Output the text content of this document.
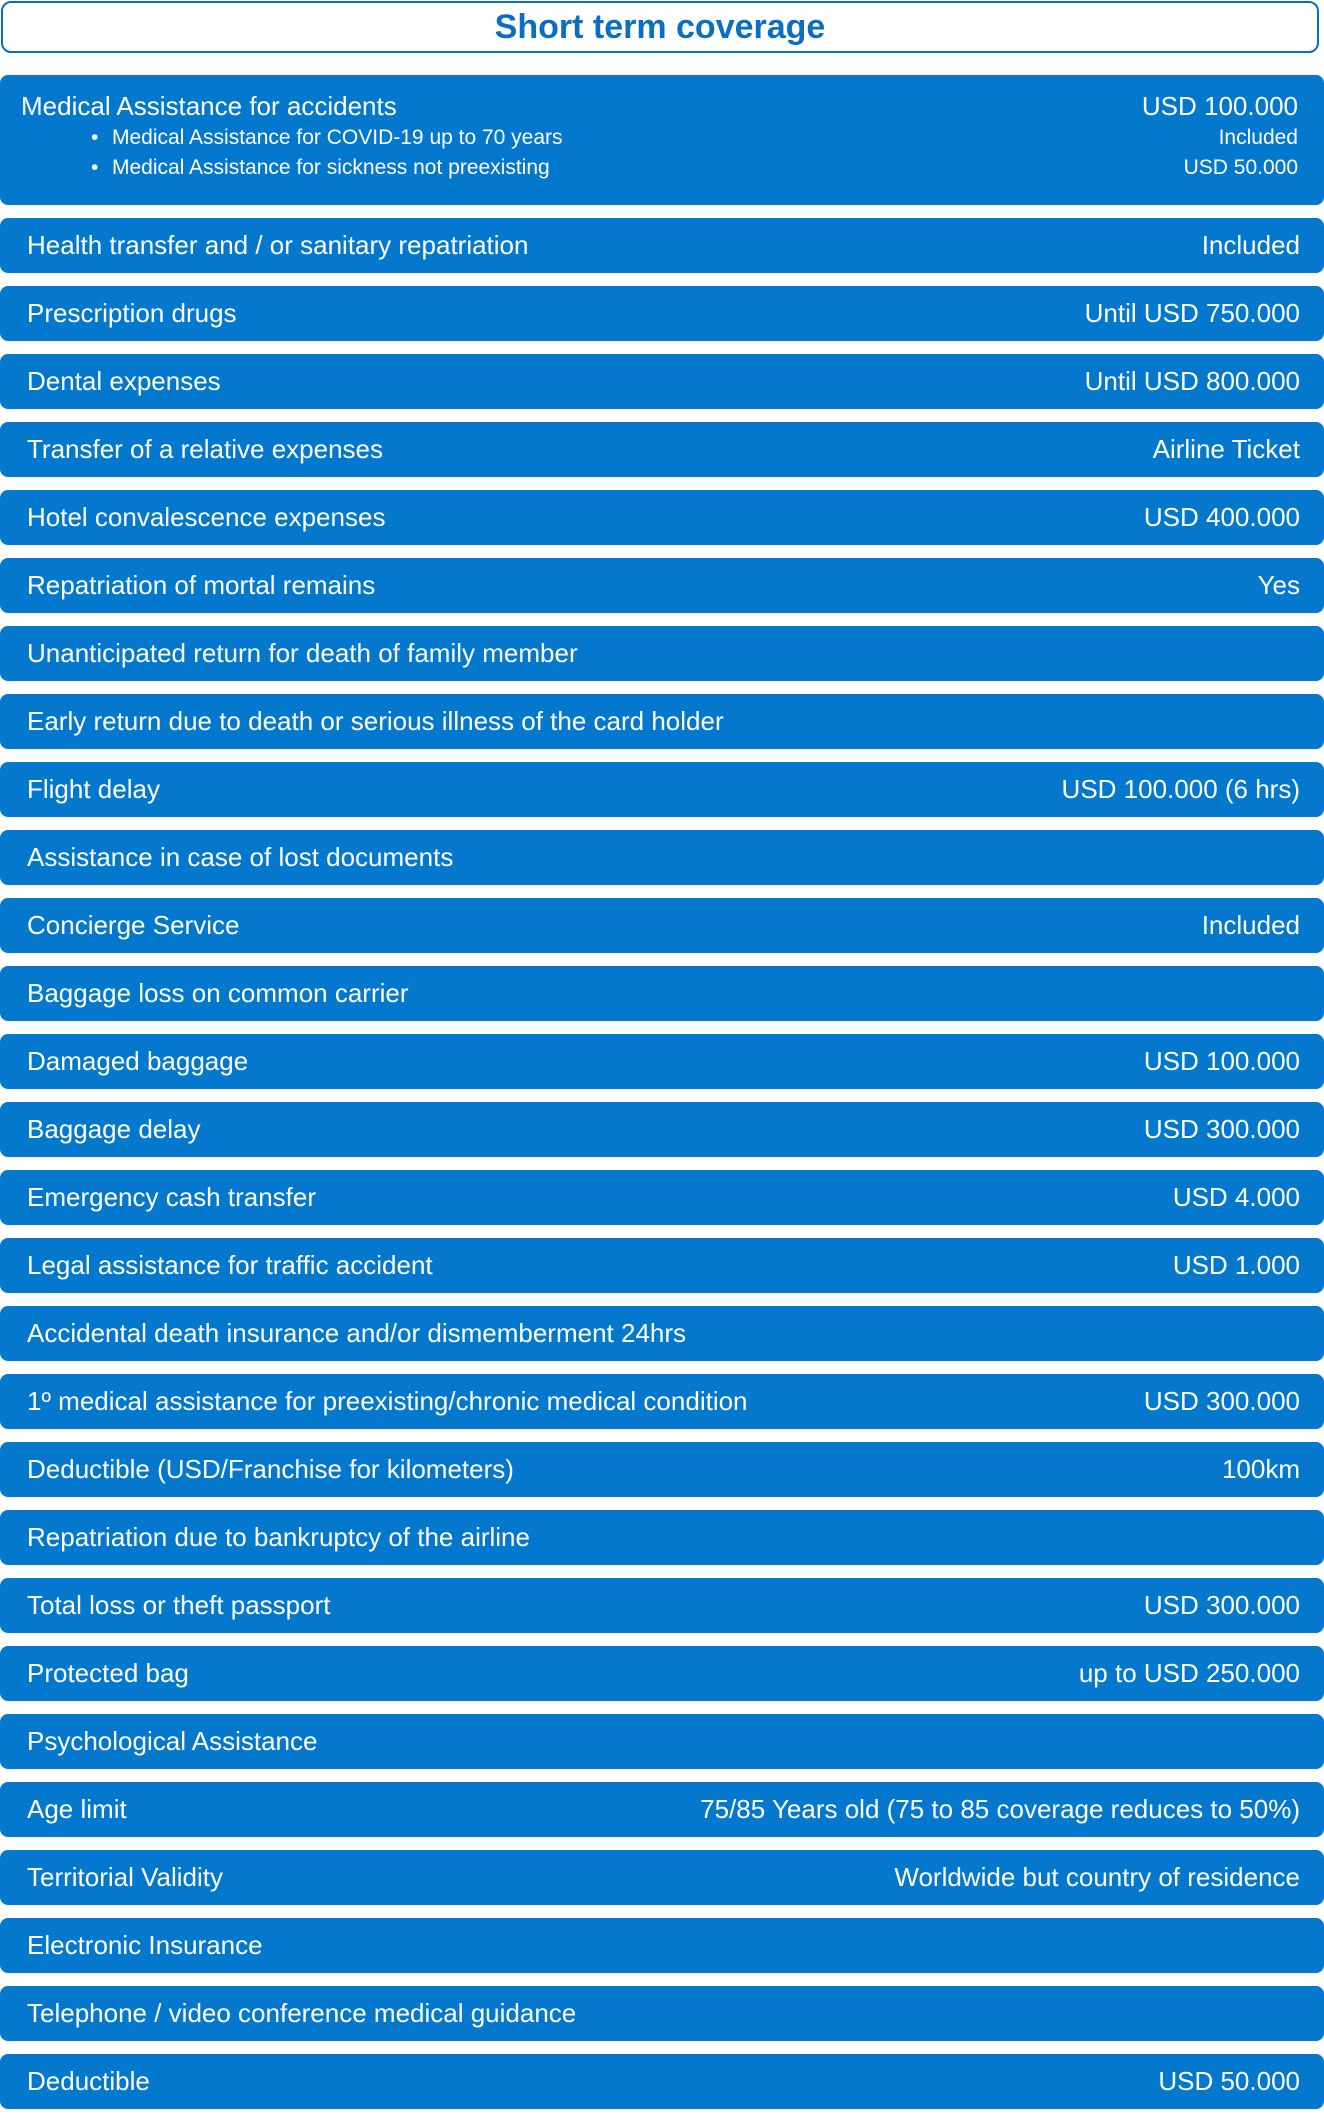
Short term coverage
Medical Assistance for accidents	USD 100.000
• Medical Assistance for COVID-19 up to 70 years	Included
• Medical Assistance for sickness not preexisting	USD 50.000
Health transfer and / or sanitary repatriation	Included
Prescription drugs	Until USD 750.000
Dental expenses	Until USD 800.000
Transfer of a relative expenses	Airline Ticket
Hotel convalescence expenses	USD 400.000
Repatriation of mortal remains	Yes
Unanticipated return for death of family member
Early return due to death or serious illness of the card holder
Flight delay	USD 100.000 (6 hrs)
Assistance in case of lost documents
Concierge Service	Included
Baggage loss on common carrier
Damaged baggage	USD 100.000
Baggage delay	USD 300.000
Emergency cash transfer	USD 4.000
Legal assistance for traffic accident	USD 1.000
Accidental death insurance and/or dismemberment 24hrs
1º medical assistance for preexisting/chronic medical condition	USD 300.000
Deductible (USD/Franchise for kilometers)	100km
Repatriation due to bankruptcy of the airline
Total loss or theft passport	USD 300.000
Protected bag	up to USD 250.000
Psychological Assistance
Age limit	75/85 Years old (75 to 85 coverage reduces to 50%)
Territorial Validity	Worldwide but country of residence
Electronic Insurance
Telephone / video conference medical guidance
Deductible	USD 50.000
